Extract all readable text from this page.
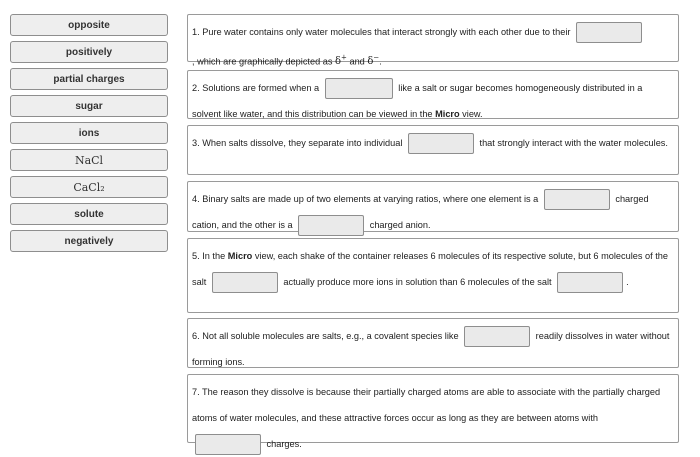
opposite
positively
partial charges
sugar
ions
NaCl
CaCl₂
solute
negatively
1. Pure water contains only water molecules that interact strongly with each other due to their
, which are graphically depicted as δ+ and δ−.
2. Solutions are formed when a	like a salt or sugar becomes homogeneously distributed in a solvent like water, and this distribution can be viewed in the Micro view.
3. When salts dissolve, they separate into individual	that strongly interact with the water molecules.
4. Binary salts are made up of two elements at varying ratios, where one element is a	charged cation, and the other is a	charged anion.
5. In the Micro view, each shake of the container releases 6 molecules of its respective solute, but 6 molecules of the salt	actually produce more ions in solution than 6 molecules of the salt	.
6. Not all soluble molecules are salts, e.g., a covalent species like	readily dissolves in water without forming ions.
7. The reason they dissolve is because their partially charged atoms are able to associate with the partially charged atoms of water molecules, and these attractive forces occur as long as they are between atoms with  charges.
